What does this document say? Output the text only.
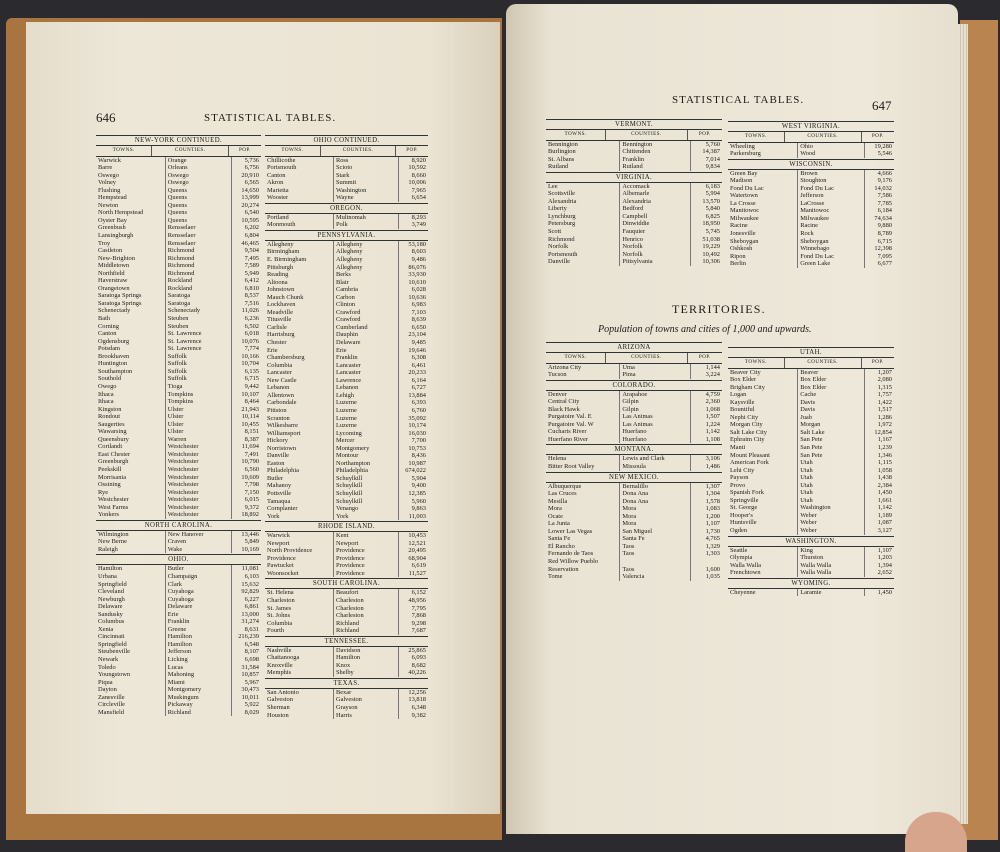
646	STATISTICAL TABLES.
NEW-YORK CONTINUED.
TOWNS.	COUNTIES.	POP.
Warwick	Orange	5,736
Barre	Orleans	6,756
Oswego	Oswego	20,910
Volney	Oswego	6,565
Flushing	Queens	14,650
Hempstead	Queens	13,999
Newton	Queens	20,274
North Hempstead	Queens	6,540
Oyster Bay	Queens	10,595
Greenbush	Rensselaer	6,202
Lansingburgh	Rensselaer	6,804
Troy	Rensselaer	46,465
Castleton	Richmond	9,504
New-Brighton	Richmond	7,495
Middletown	Richmond	7,589
Northfield	Richmond	5,949
Haverstraw	Rockland	6,412
Orangetown	Rockland	6,810
Saratoga Springs	Saratoga	8,537
Saratoga Springs	Saratoga	7,516
Schenectady	Schenectady	11,026
Bath	Steuben	6,236
Corning	Steuben	6,502
Canton	St. Lawrence	6,018
Ogdensburg	St. Lawrence	10,076
Potsdam	St. Lawrence	7,774
Brookhaven	Suffolk	10,166
Huntington	Suffolk	10,704
Southampton	Suffolk	6,135
Southold	Suffolk	6,715
Owego	Tioga	9,442
Ithaca	Tompkins	10,107
Ithaca	Tompkins	8,464
Kingston	Ulster	21,943
Rondout	Ulster	10,114
Saugerties	Ulster	10,455
Wawarsing	Ulster	8,151
Queensbury	Warren	8,387
Cortlandt	Westchester	11,694
East Chester	Westchester	7,491
Greenburgh	Westchester	10,790
Peekskill	Westchester	6,560
Morrisania	Westchester	19,609
Ossining	Westchester	7,798
Rye	Westchester	7,150
Westchester	Westchester	6,015
West Farms	Westchester	9,372
Yonkers	Westchester	18,892
NORTH CAROLINA.
Wilmington	New Hanover	13,446
New Berne	Craven	5,849
Raleigh	Wake	10,169
OHIO.
Hamilton	Butler	11,081
Urbana	Champaign	6,103
Springfield	Clark	15,632
Cleveland	Cuyahoga	92,829
Newburgh	Cuyahoga	6,227
Delaware	Delaware	6,861
Sandusky	Erie	13,000
Columbus	Franklin	31,274
Xenia	Greene	8,631
Cincinnati	Hamilton	216,239
Springfield	Hamilton	6,548
Steubenville	Jefferson	8,107
Newark	Licking	6,698
Toledo	Lucas	31,584
Youngstown	Mahoning	10,857
Piqua	Miami	5,967
Dayton	Montgomery	30,473
Zanesville	Muskingum	10,011
Circleville	Pickaway	5,922
Mansfield	Richland	8,029
OHIO CONTINUED.
TOWNS.	COUNTIES.	POP.
Chillicothe	Ross	8,920
Portsmouth	Scioto	10,592
Canton	Stark	8,660
Akron	Summit	10,006
Marietta	Washington	7,965
Wooster	Wayne	6,654
OREGON.
Portland	Multnomah	8,293
Monmouth	Polk	3,749
PENNSYLVANIA.
Allegheny	Allegheny	53,180
Birmingham	Allegheny	8,603
E. Birmingham	Allegheny	9,486
Pittsburgh	Allegheny	86,076
Reading	Berks	33,930
Altoona	Blair	10,610
Johnstown	Cambria	6,028
Mauch Chunk	Carbon	10,636
Lockhaven	Clinton	6,983
Meadville	Crawford	7,103
Titusville	Crawford	8,639
Carlisle	Cumberland	6,650
Harrisburg	Dauphin	23,104
Chester	Delaware	9,485
Erie	Erie	19,646
Chambersburg	Franklin	6,308
Columbia	Lancaster	6,461
Lancaster	Lancaster	20,233
New Castle	Lawrence	6,164
Lebanon	Lebanon	6,727
Allentown	Lehigh	13,884
Carbondale	Luzerne	6,393
Pittston	Luzerne	6,760
Scranton	Luzerne	35,092
Wilkesbarre	Luzerne	10,174
Williamsport	Lycoming	16,030
Hickory	Mercer	7,700
Norristown	Montgomery	10,753
Danville	Montour	8,436
Easton	Northampton	10,987
Philadelphia	Philadelphia	674,022
Butler	Schuylkill	5,904
Mahanoy	Schuylkill	9,400
Pottsville	Schuylkill	12,385
Tamaqua	Schuylkill	5,960
Cornplanter	Venango	9,863
York	York	11,003
RHODE ISLAND.
Warwick	Kent	10,453
Newport	Newport	12,521
North Providence	Providence	20,495
Providence	Providence	68,904
Pawtucket	Providence	6,619
Woonsocket	Providence	11,527
SOUTH CAROLINA.
St. Helena	Beaufort	6,152
Charleston	Charleston	48,956
St. James	Charleston	7,795
St. Johns	Charleston	7,868
Columbia	Richland	9,298
Fourth	Richland	7,687
TENNESSEE.
Nashville	Davidson	25,865
Chattanooga	Hamilton	6,093
Knoxville	Knox	8,682
Memphis	Shelby	40,226
TEXAS.
San Antonio	Bexar	12,256
Galveston	Galveston	13,818
Sherman	Grayson	6,348
Houston	Harris	9,382
STATISTICAL TABLES.	647
VERMONT.
TOWNS.	COUNTIES.	POP.
Bennington	Bennington	5,760
Burlington	Chittenden	14,387
St. Albans	Franklin	7,014
Rutland	Rutland	9,834
VIRGINIA.
Lee	Accomack	6,183
Scottsville	Albemarle	5,994
Alexandria	Alexandria	13,570
Liberty	Bedford	5,840
Lynchburg	Campbell	6,825
Petersburg	Dinwiddie	18,950
Scott	Fauquier	5,745
Richmond	Henrico	51,038
Norfolk	Norfolk	19,229
Portsmouth	Norfolk	10,492
Danville	Pittsylvania	10,306
WEST VIRGINIA.
TOWNS.	COUNTIES.	POP.
Wheeling	Ohio	19,280
Parkersburg	Wood	5,546
WISCONSIN.
Green Bay	Brown	4,666
Madison	Stoughton	9,176
Fond Du Lac	Fond Du Lac	14,032
Watertown	Jefferson	7,586
La Crosse	LaCrosse	7,785
Manitowoc	Manitowoc	6,184
Milwaukee	Milwaukee	74,634
Racine	Racine	9,880
Jonesville	Rock	8,789
Sheboygan	Sheboygan	6,715
Oshkosh	Winnebago	12,398
Ripon	Fond Du Lac	7,095
Berlin	Green Lake	6,677
TERRITORIES.
Population of towns and cities of 1,000 and upwards.
ARIZONA
TOWNS.	COUNTIES.	POP.
Arizona City	Uma	1,144
Tucson	Pima	3,224
COLORADO.
Denver	Arapahoe	4,759
Central City	Gilpin	2,360
Black Hawk	Gilpin	1,068
Purgatoire Val. E	Las Animas	1,507
Purgatoire Val. W	Las Animas	1,224
Cucharis River	Huerfano	1,142
Huerfano River	Huerfano	1,108
MONTANA.
Helena	Lewis and Clark	3,106
Bitter Root Valley	Missoula	1,486
NEW MEXICO.
Albuquerque	Bernalillo	1,307
Las Cruces	Dona Ana	1,304
Mesilla	Dona Ana	1,578
Mora	Mora	1,083
Ocate	Mora	1,200
La Junta	Mora	1,107
Lower Las Vegas	San Miguel	1,730
Santa Fe	Santa Fe	4,765
El Rancho	Taos	1,329
Fernando de Taos	Taos	1,303
Red Willow Pueblo		
Reservation	Taos	1,600
Tome	Valencia	1,035
UTAH.
TOWNS.	COUNTIES.	POP.
Beaver City	Beaver	1,207
Box Elder	Box Elder	2,080
Brigham City	Box Elder	1,315
Logan	Cache	1,757
Kaysville	Davis	1,422
Bountiful	Davis	1,517
Nephi City	Juab	1,286
Morgan City	Morgan	1,972
Salt Lake City	Salt Lake	12,854
Ephraim City	San Pete	1,167
Manti	San Pete	1,239
Mount Pleasant	San Pete	1,346
American Fork	Utah	1,115
Lehi City	Utah	1,058
Payson	Utah	1,438
Provo	Utah	2,384
Spanish Fork	Utah	1,450
Springville	Utah	1,661
St. George	Washington	1,142
Hooper's	Weber	1,189
Huntsville	Weber	1,087
Ogden	Weber	3,127
WASHINGTON.
Seattle	King	1,107
Olympia	Thurston	1,203
Walla Walla	Walla Walla	1,394
Frenchtown	Walla Walla	2,652
WYOMING.
Cheyenne	Laramie	1,450
